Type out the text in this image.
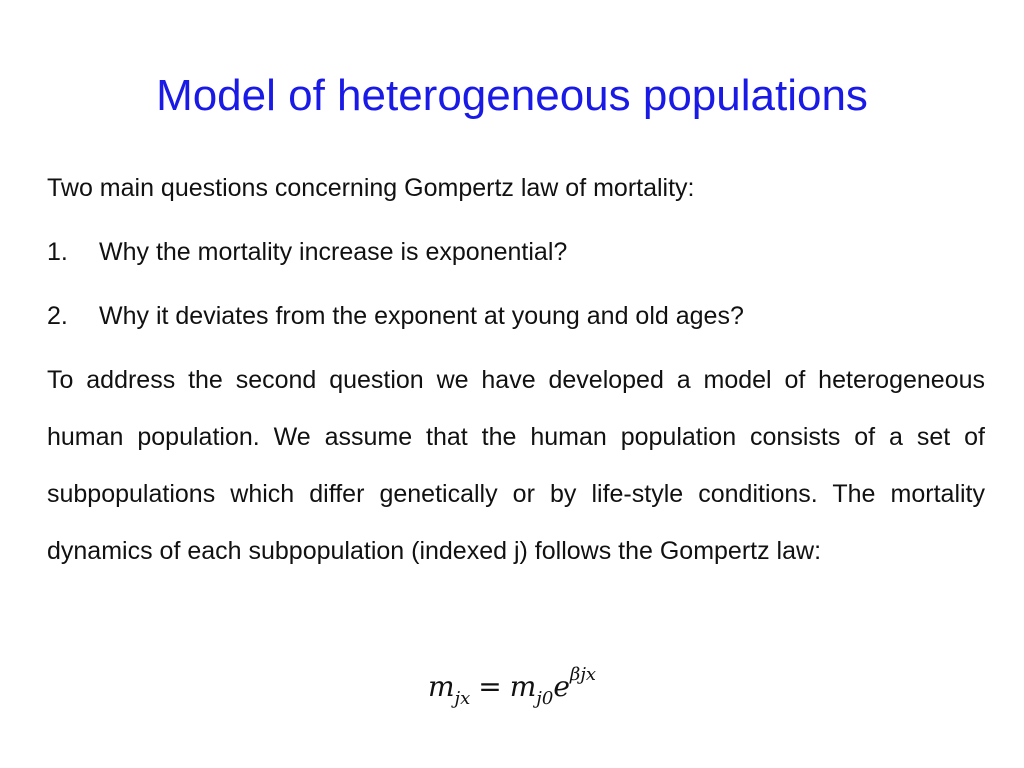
Model of heterogeneous populations
Two main questions concerning Gompertz law of mortality:
1.	Why the mortality increase is exponential?
2.	Why it deviates from the exponent at young and old ages?
To address the second question we have developed a model of heterogeneous human population. We assume that the human population consists of a set of subpopulations which differ genetically or by life-style conditions. The mortality dynamics of each subpopulation (indexed j) follows the Gompertz law:
$m_{jx} = m_{j0}e^{\beta jx}$
